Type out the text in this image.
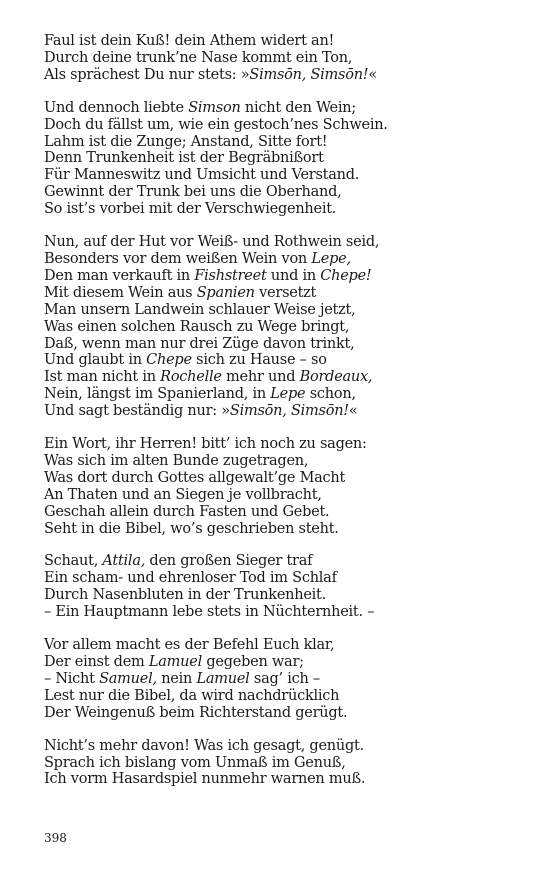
Faul ist dein Kuß! dein Athem widert an!
Durch deine trunk’ne Nase kommt ein Ton,
Als sprächest Du nur stets: »Simsōn, Simsōn!«
Und dennoch liebte Simson nicht den Wein;
Doch du fällst um, wie ein gestoch’nes Schwein.
Lahm ist die Zunge; Anstand, Sitte fort!
Denn Trunkenheit ist der Begräbnißort
Für Manneswitz und Umsicht und Verstand.
Gewinnt der Trunk bei uns die Oberhand,
So ist’s vorbei mit der Verschwiegenheit.
Nun, auf der Hut vor Weiß- und Rothwein seid,
Besonders vor dem weißen Wein von Lepe,
Den man verkauft in Fishstreet und in Chepe!
Mit diesem Wein aus Spanien versetzt
Man unsern Landwein schlauer Weise jetzt,
Was einen solchen Rausch zu Wege bringt,
Daß, wenn man nur drei Züge davon trinkt,
Und glaubt in Chepe sich zu Hause – so
Ist man nicht in Rochelle mehr und Bordeaux,
Nein, längst im Spanierland, in Lepe schon,
Und sagt beständig nur: »Simsōn, Simsōn!«
Ein Wort, ihr Herren! bitt’ ich noch zu sagen:
Was sich im alten Bunde zugetragen,
Was dort durch Gottes allgewalt’ge Macht
An Thaten und an Siegen je vollbracht,
Geschah allein durch Fasten und Gebet.
Seht in die Bibel, wo’s geschrieben steht.
Schaut, Attila, den großen Sieger traf
Ein scham- und ehrenloser Tod im Schlaf
Durch Nasenbluten in der Trunkenheit.
– Ein Hauptmann lebe stets in Nüchternheit. –
Vor allem macht es der Befehl Euch klar,
Der einst dem Lamuel gegeben war;
– Nicht Samuel, nein Lamuel sag’ ich –
Lest nur die Bibel, da wird nachdrücklich
Der Weingenuß beim Richterstand gerügt.
Nicht’s mehr davon! Was ich gesagt, genügt.
Sprach ich bislang vom Unmaß im Genuß,
Ich vorm Hasardspiel nunmehr warnen muß.
398
